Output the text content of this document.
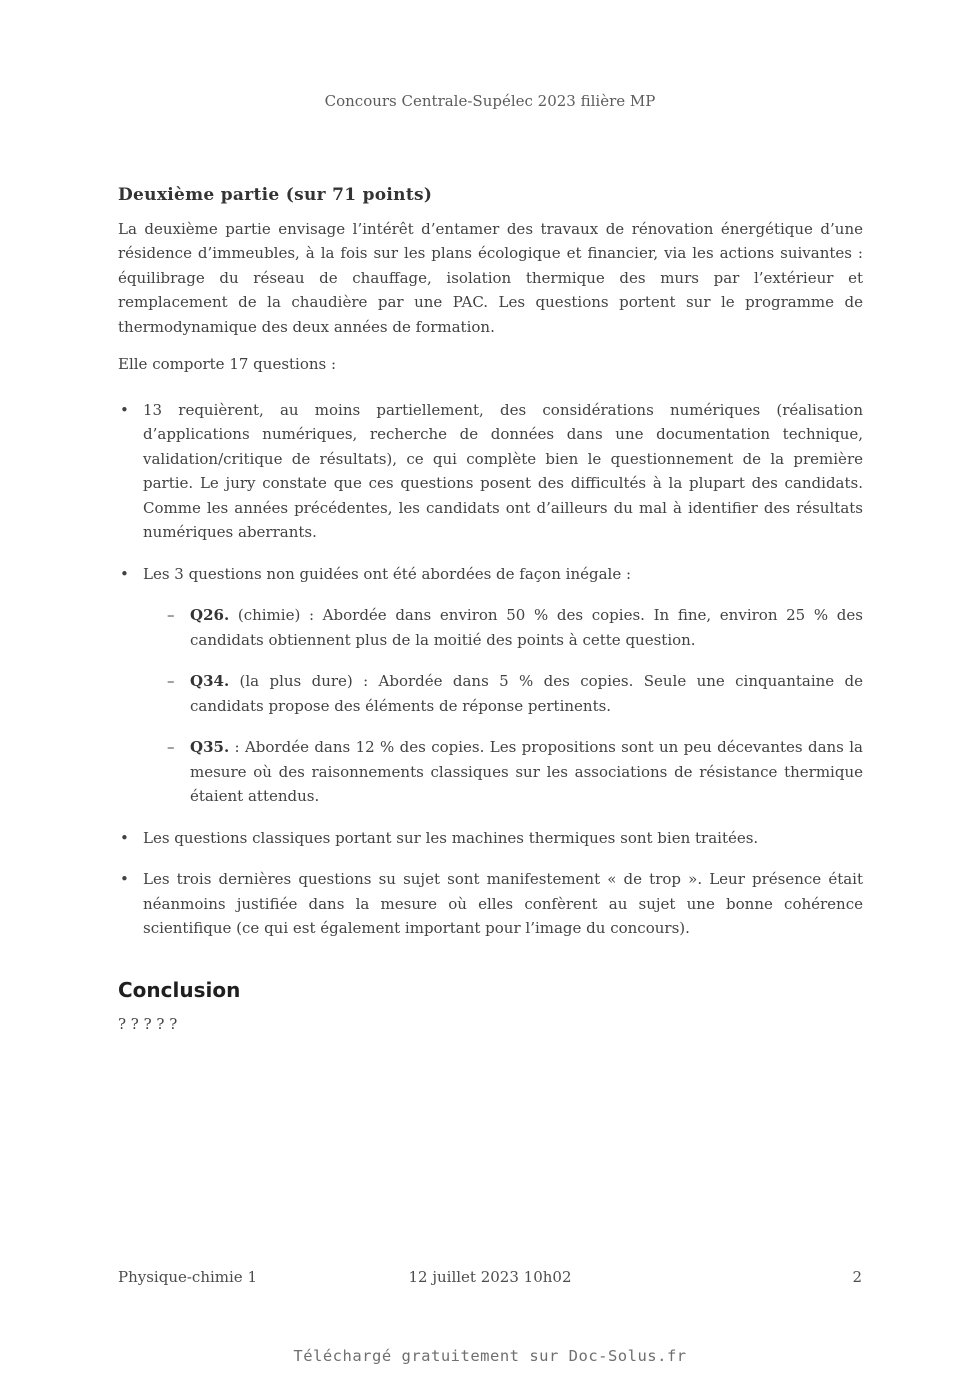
Concours Centrale-Supélec 2023 filière MP
Deuxième partie (sur 71 points)

La deuxième partie envisage l’intérêt d’entamer des travaux de rénovation énergétique d’une résidence d’immeubles, à la fois sur les plans écologique et financier, via les actions suivantes : équilibrage du réseau de chauffage, isolation thermique des murs par l’extérieur et remplacement de la chaudière par une PAC. Les questions portent sur le programme de thermodynamique des deux années de formation.

Elle comporte 17 questions :

• 13 requièrent, au moins partiellement, des considérations numériques (réalisation d’applications numériques, recherche de données dans une documentation technique, validation/critique de résultats), ce qui complète bien le questionnement de la première partie. Le jury constate que ces questions posent des difficultés à la plupart des candidats. Comme les années précédentes, les candidats ont d’ailleurs du mal à identifier des résultats numériques aberrants.
• Les 3 questions non guidées ont été abordées de façon inégale :
–	Q26. (chimie) : Abordée dans environ 50 % des copies. In fine, environ 25 % des candidats obtiennent plus de la moitié des points à cette question.
–	Q34. (la plus dure) : Abordée dans 5 % des copies. Seule une cinquantaine de candidats propose des éléments de réponse pertinents.
–	Q35. : Abordée dans 12 % des copies. Les propositions sont un peu décevantes dans la mesure où des raisonnements classiques sur les associations de résistance thermique étaient attendus.
• Les questions classiques portant sur les machines thermiques sont bien traitées.
• Les trois dernières questions su sujet sont manifestement « de trop ». Leur présence était néanmoins justifiée dans la mesure où elles confèrent au sujet une bonne cohérence scientifique (ce qui est également important pour l’image du concours).
Conclusion

? ? ? ? ?

Physique-chimie 1	12 juillet 2023 10h02	2
Téléchargé gratuitement sur Doc-Solus.fr
